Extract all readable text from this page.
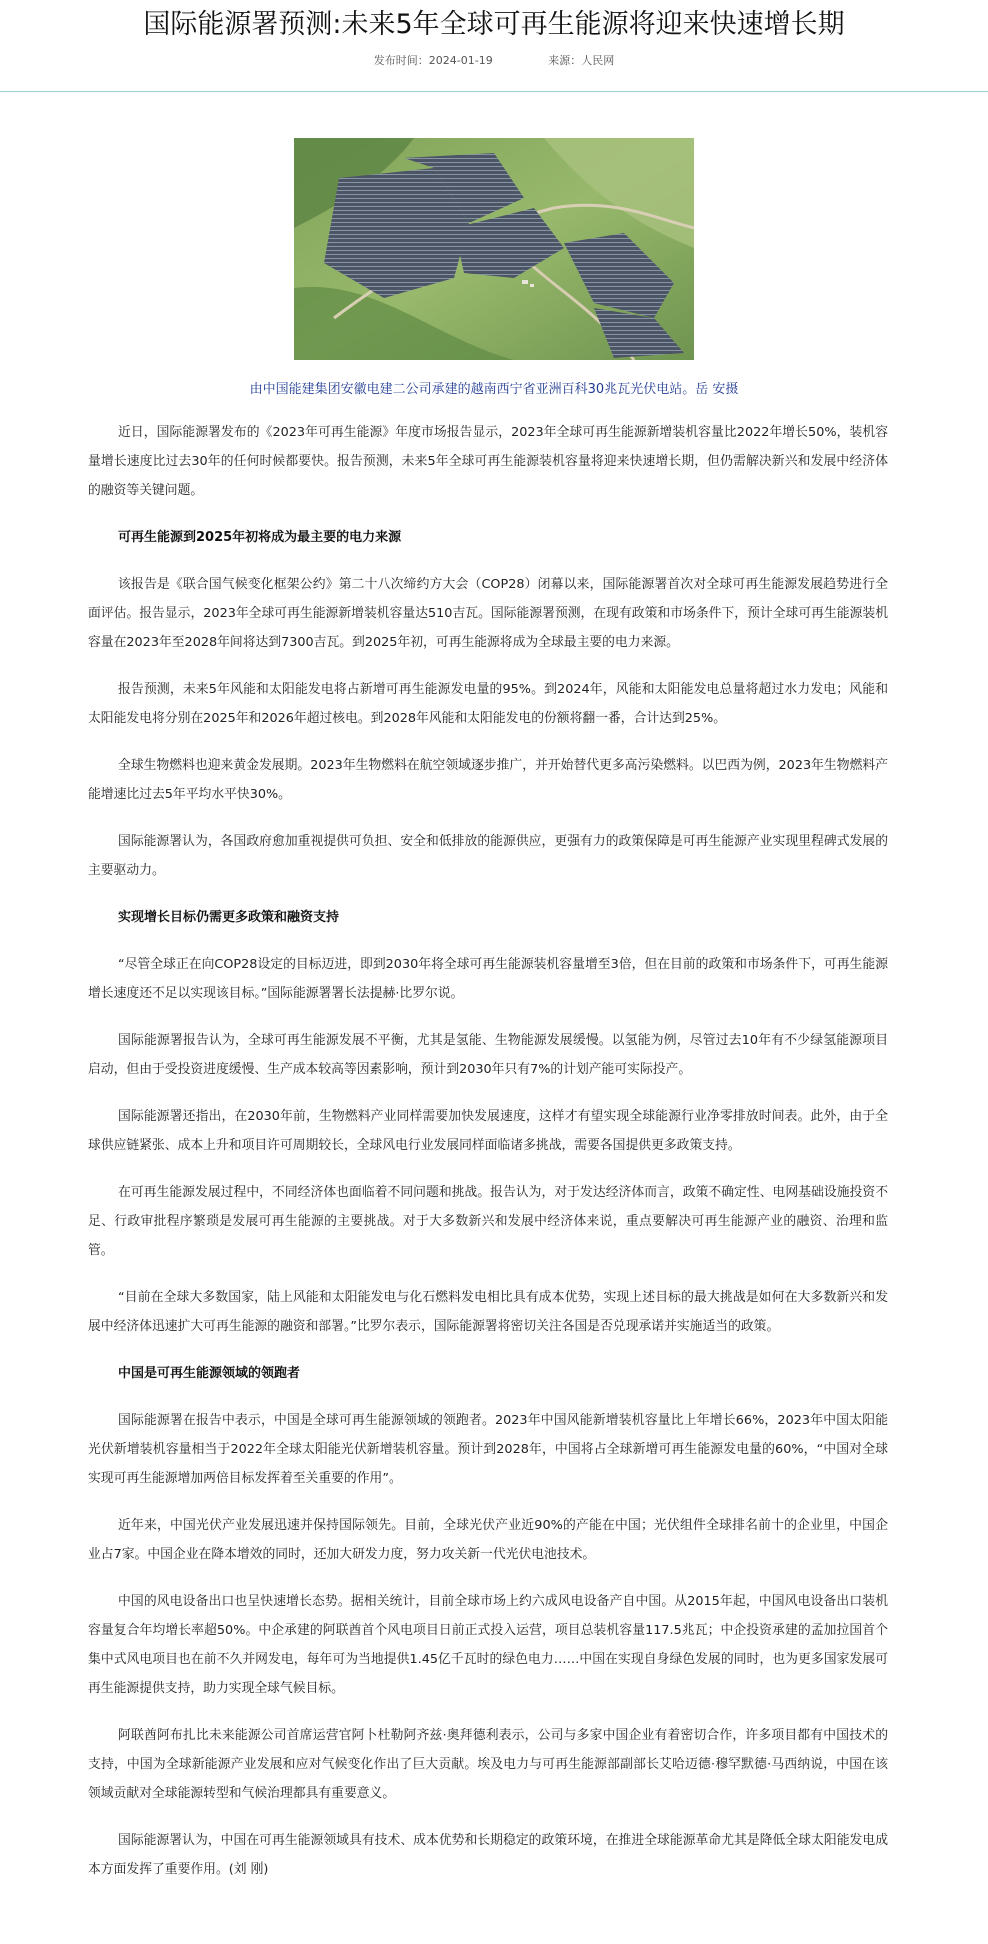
国际能源署预测:未来5年全球可再生能源将迎来快速增长期
发布时间：2024-01-19	来源：人民网

由中国能建集团安徽电建二公司承建的越南西宁省亚洲百科30兆瓦光伏电站。岳 安摄

近日，国际能源署发布的《2023年可再生能源》年度市场报告显示，2023年全球可再生能源新增装机容量比2022年增长50%，装机容量增长速度比过去30年的任何时候都要快。报告预测，未来5年全球可再生能源装机容量将迎来快速增长期，但仍需解决新兴和发展中经济体的融资等关键问题。

可再生能源到2025年初将成为最主要的电力来源

该报告是《联合国气候变化框架公约》第二十八次缔约方大会（COP28）闭幕以来，国际能源署首次对全球可再生能源发展趋势进行全面评估。报告显示，2023年全球可再生能源新增装机容量达510吉瓦。国际能源署预测，在现有政策和市场条件下，预计全球可再生能源装机容量在2023年至2028年间将达到7300吉瓦。到2025年初，可再生能源将成为全球最主要的电力来源。

报告预测，未来5年风能和太阳能发电将占新增可再生能源发电量的95%。到2024年，风能和太阳能发电总量将超过水力发电；风能和太阳能发电将分别在2025年和2026年超过核电。到2028年风能和太阳能发电的份额将翻一番，合计达到25%。

全球生物燃料也迎来黄金发展期。2023年生物燃料在航空领域逐步推广，并开始替代更多高污染燃料。以巴西为例，2023年生物燃料产能增速比过去5年平均水平快30%。

国际能源署认为，各国政府愈加重视提供可负担、安全和低排放的能源供应，更强有力的政策保障是可再生能源产业实现里程碑式发展的主要驱动力。

实现增长目标仍需更多政策和融资支持

“尽管全球正在向COP28设定的目标迈进，即到2030年将全球可再生能源装机容量增至3倍，但在目前的政策和市场条件下，可再生能源增长速度还不足以实现该目标。”国际能源署署长法提赫·比罗尔说。

国际能源署报告认为，全球可再生能源发展不平衡，尤其是氢能、生物能源发展缓慢。以氢能为例，尽管过去10年有不少绿氢能源项目启动，但由于受投资进度缓慢、生产成本较高等因素影响，预计到2030年只有7%的计划产能可实际投产。

国际能源署还指出，在2030年前，生物燃料产业同样需要加快发展速度，这样才有望实现全球能源行业净零排放时间表。此外，由于全球供应链紧张、成本上升和项目许可周期较长，全球风电行业发展同样面临诸多挑战，需要各国提供更多政策支持。

在可再生能源发展过程中，不同经济体也面临着不同问题和挑战。报告认为，对于发达经济体而言，政策不确定性、电网基础设施投资不足、行政审批程序繁琐是发展可再生能源的主要挑战。对于大多数新兴和发展中经济体来说，重点要解决可再生能源产业的融资、治理和监管。

“目前在全球大多数国家，陆上风能和太阳能发电与化石燃料发电相比具有成本优势，实现上述目标的最大挑战是如何在大多数新兴和发展中经济体迅速扩大可再生能源的融资和部署。”比罗尔表示，国际能源署将密切关注各国是否兑现承诺并实施适当的政策。

中国是可再生能源领域的领跑者

国际能源署在报告中表示，中国是全球可再生能源领域的领跑者。2023年中国风能新增装机容量比上年增长66%，2023年中国太阳能光伏新增装机容量相当于2022年全球太阳能光伏新增装机容量。预计到2028年，中国将占全球新增可再生能源发电量的60%，“中国对全球实现可再生能源增加两倍目标发挥着至关重要的作用”。

近年来，中国光伏产业发展迅速并保持国际领先。目前，全球光伏产业近90%的产能在中国；光伏组件全球排名前十的企业里，中国企业占7家。中国企业在降本增效的同时，还加大研发力度，努力攻关新一代光伏电池技术。

中国的风电设备出口也呈快速增长态势。据相关统计，目前全球市场上约六成风电设备产自中国。从2015年起，中国风电设备出口装机容量复合年均增长率超50%。中企承建的阿联酋首个风电项目日前正式投入运营，项目总装机容量117.5兆瓦；中企投资承建的孟加拉国首个集中式风电项目也在前不久并网发电，每年可为当地提供1.45亿千瓦时的绿色电力……中国在实现自身绿色发展的同时，也为更多国家发展可再生能源提供支持，助力实现全球气候目标。

阿联酋阿布扎比未来能源公司首席运营官阿卜杜勒阿齐兹·奥拜德利表示，公司与多家中国企业有着密切合作，许多项目都有中国技术的支持，中国为全球新能源产业发展和应对气候变化作出了巨大贡献。埃及电力与可再生能源部副部长艾哈迈德·穆罕默德·马西纳说，中国在该领域贡献对全球能源转型和气候治理都具有重要意义。

国际能源署认为，中国在可再生能源领域具有技术、成本优势和长期稳定的政策环境，在推进全球能源革命尤其是降低全球太阳能发电成本方面发挥了重要作用。(刘 刚)
